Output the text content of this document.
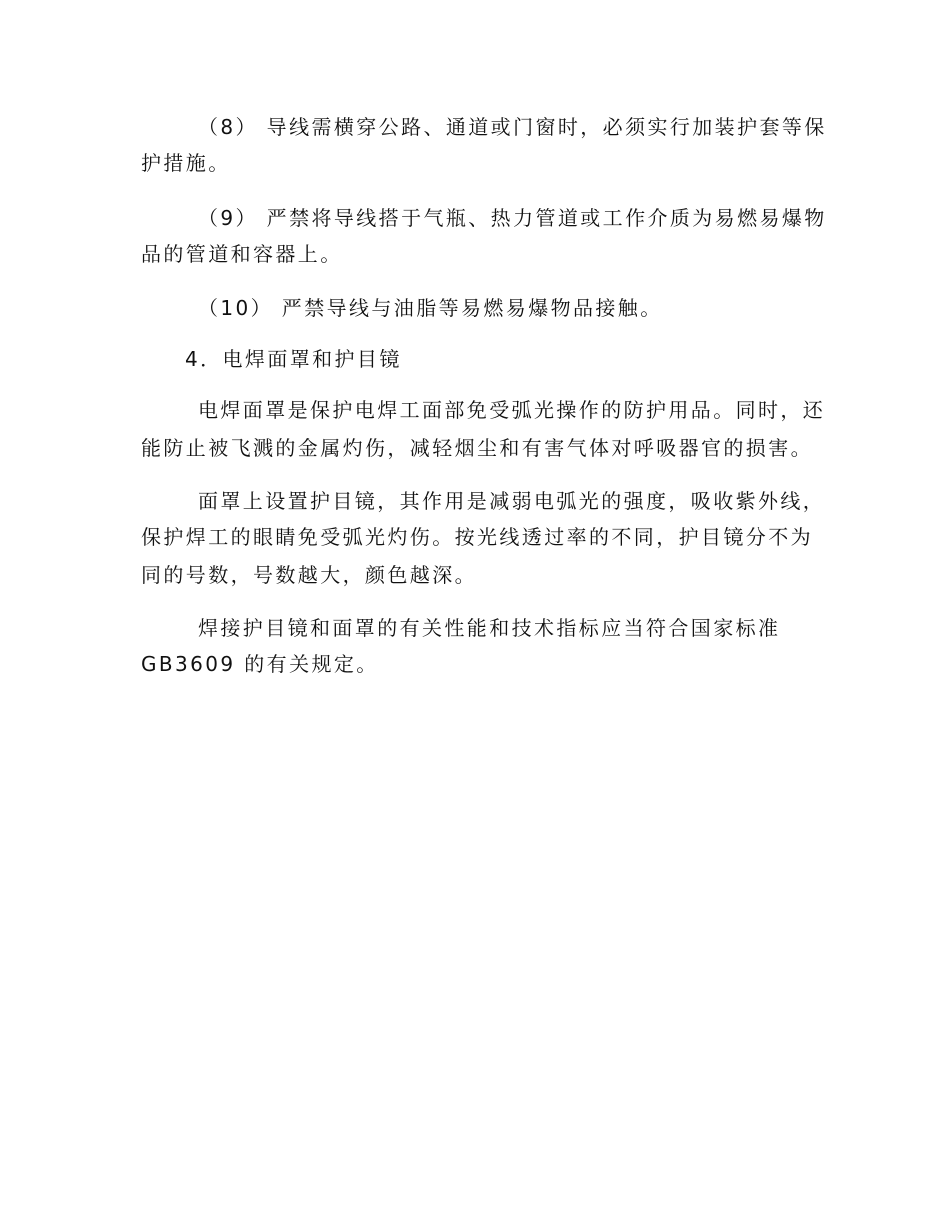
（8） 导线需横穿公路、通道或门窗时，必须实行加装护套等保
护措施。
（9） 严禁将导线搭于气瓶、热力管道或工作介质为易燃易爆物
品的管道和容器上。
（10） 严禁导线与油脂等易燃易爆物品接触。
4．电焊面罩和护目镜
电焊面罩是保护电焊工面部免受弧光操作的防护用品。同时，还
能防止被飞溅的金属灼伤，减轻烟尘和有害气体对呼吸器官的损害。
面罩上设置护目镜，其作用是减弱电弧光的强度，吸收紫外线，
保护焊工的眼睛免受弧光灼伤。按光线透过率的不同，护目镜分不为
同的号数，号数越大，颜色越深。
焊接护目镜和面罩的有关性能和技术指标应当符合国家标准
GB3609 的有关规定。
